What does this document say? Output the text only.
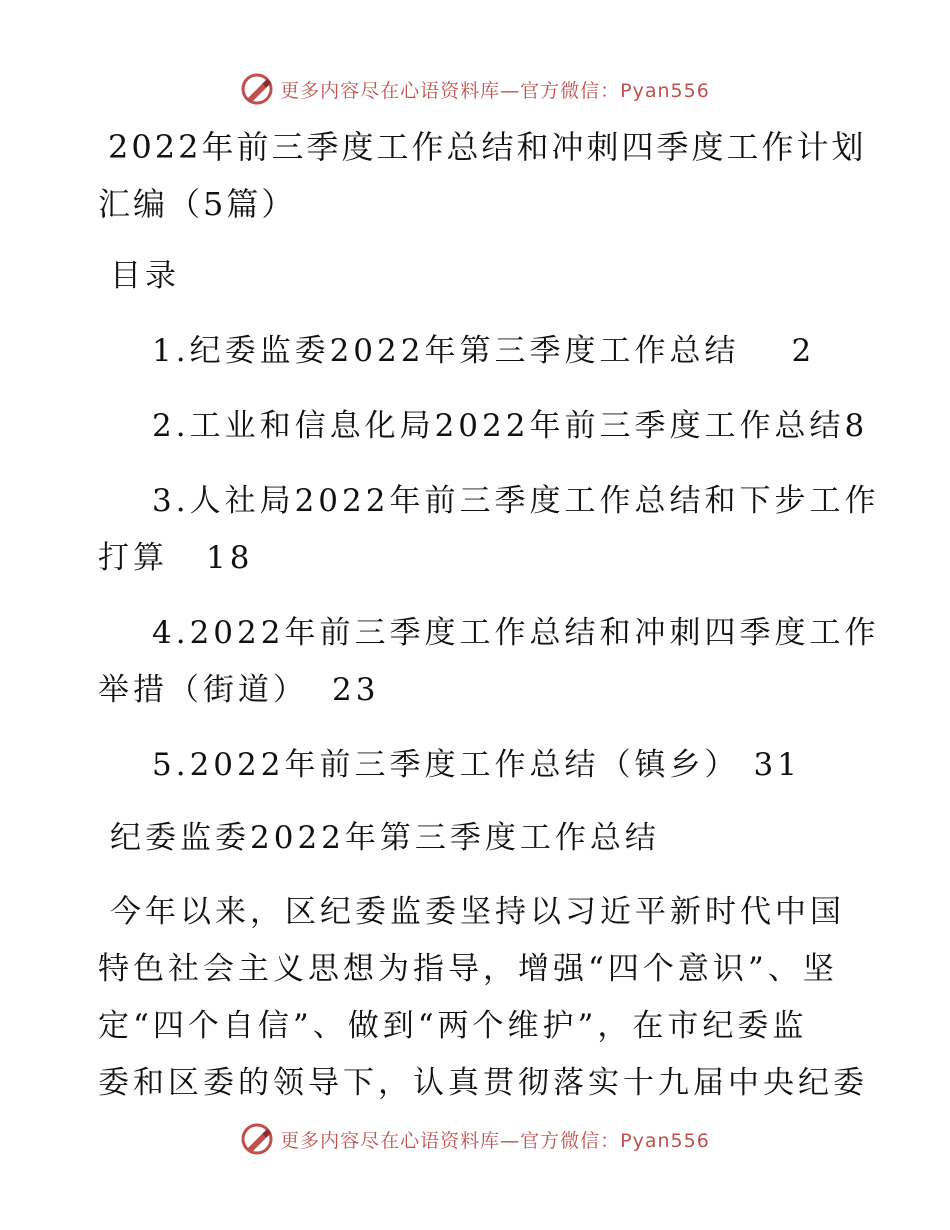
更多内容尽在心语资料库—官方微信：Pyan556
2022年前三季度工作总结和冲刺四季度工作计划
汇编（5篇）
目录
1.纪委监委2022年第三季度工作总结 2
2.工业和信息化局2022年前三季度工作总结8
3.人社局2022年前三季度工作总结和下步工作
打算 18
4.2022年前三季度工作总结和冲刺四季度工作
举措（街道） 23
5.2022年前三季度工作总结（镇乡） 31
纪委监委2022年第三季度工作总结
今年以来，区纪委监委坚持以习近平新时代中国
特色社会主义思想为指导，增强“四个意识”、坚
定“四个自信”、做到“两个维护”，在市纪委监
委和区委的领导下，认真贯彻落实十九届中央纪委
更多内容尽在心语资料库—官方微信：Pyan556
